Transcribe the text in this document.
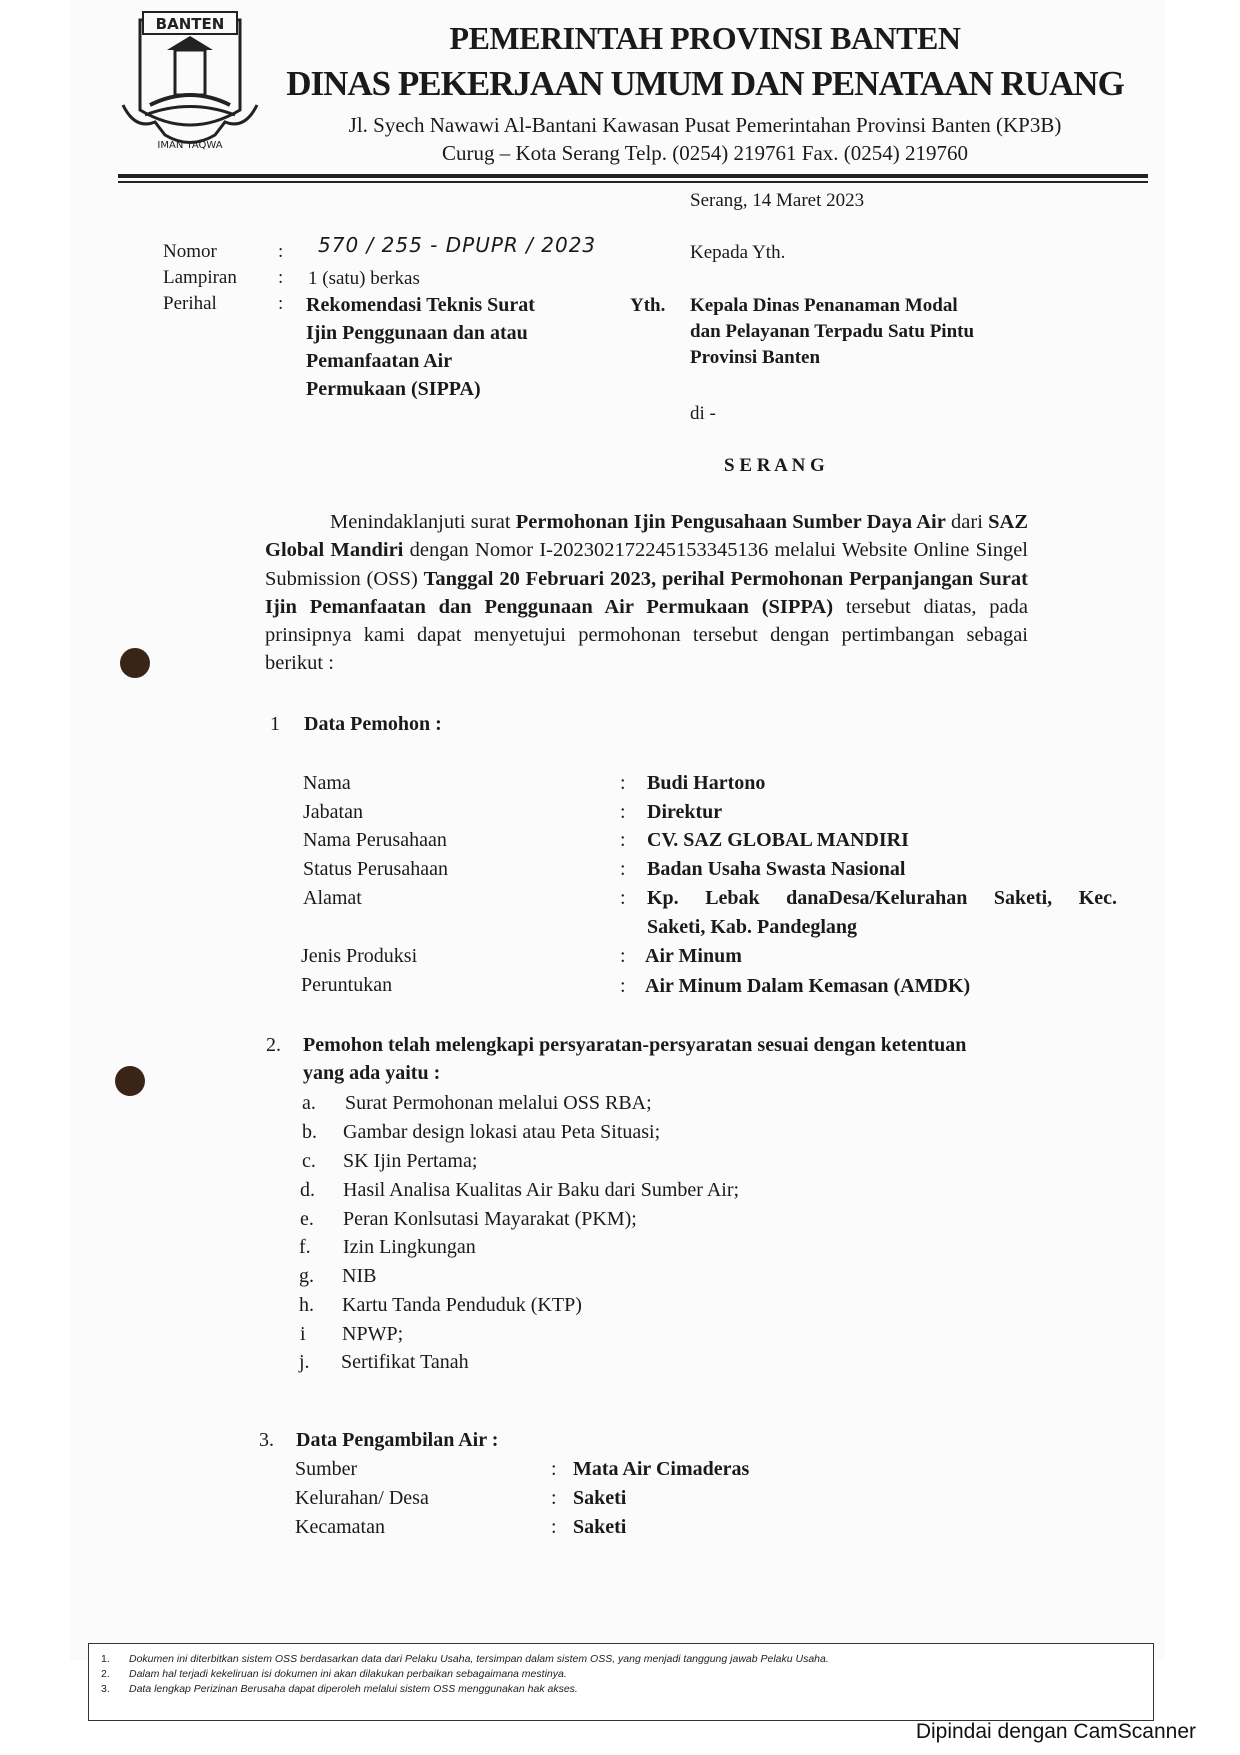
BANTEN
IMAN TAQWA
PEMERINTAH PROVINSI BANTEN
DINAS PEKERJAAN UMUM DAN PENATAAN RUANG
Jl. Syech Nawawi Al-Bantani Kawasan Pusat Pemerintahan Provinsi Banten (KP3B)
Curug – Kota Serang Telp. (0254) 219761 Fax. (0254) 219760
Serang, 14 Maret 2023
Nomor	: 570 / 255 - DPUPR / 2023
Lampiran : 1 (satu) berkas
Perihal	: Rekomendasi Teknis Surat
Ijin Penggunaan dan atau
Pemanfaatan Air
Permukaan (SIPPA)
Kepada Yth.
Yth. Kepala Dinas Penanaman Modal
dan Pelayanan Terpadu Satu Pintu
Provinsi Banten
di -
S E R A N G
Menindaklanjuti surat Permohonan Ijin Pengusahaan Sumber Daya Air dari SAZ Global Mandiri dengan Nomor I-202302172245153345136 melalui Website Online Singel Submission (OSS) Tanggal 20 Februari 2023, perihal Permohonan Perpanjangan Surat Ijin Pemanfaatan dan Penggunaan Air Permukaan (SIPPA) tersebut diatas, pada prinsipnya kami dapat menyetujui permohonan tersebut dengan pertimbangan sebagai berikut :
1 Data Pemohon :
Nama	: Budi Hartono
Jabatan	: Direktur
Nama Perusahaan	: CV. SAZ GLOBAL MANDIRI
Status Perusahaan	: Badan Usaha Swasta Nasional
Alamat	: Kp. Lebak danaDesa/Kelurahan Saketi, Kec.
Saketi, Kab. Pandeglang
Jenis Produksi	: Air Minum
Peruntukan	: Air Minum Dalam Kemasan (AMDK)
2. Pemohon telah melengkapi persyaratan-persyaratan sesuai dengan ketentuan
yang ada yaitu :
a. Surat Permohonan melalui OSS RBA;
b. Gambar design lokasi atau Peta Situasi;
c. SK Ijin Pertama;
d. Hasil Analisa Kualitas Air Baku dari Sumber Air;
e. Peran Konlsutasi Mayarakat (PKM);
f. Izin Lingkungan
g. NIB
h. Kartu Tanda Penduduk (KTP)
i NPWP;
j. Sertifikat Tanah
3. Data Pengambilan Air :
Sumber	: Mata Air Cimaderas
Kelurahan/ Desa	: Saketi
Kecamatan	: Saketi
1. Dokumen ini diterbitkan sistem OSS berdasarkan data dari Pelaku Usaha, tersimpan dalam sistem OSS, yang menjadi tanggung jawab Pelaku Usaha.
2. Dalam hal terjadi kekeliruan isi dokumen ini akan dilakukan perbaikan sebagaimana mestinya.
3. Data lengkap Perizinan Berusaha dapat diperoleh melalui sistem OSS menggunakan hak akses.
Dipindai dengan CamScanner
